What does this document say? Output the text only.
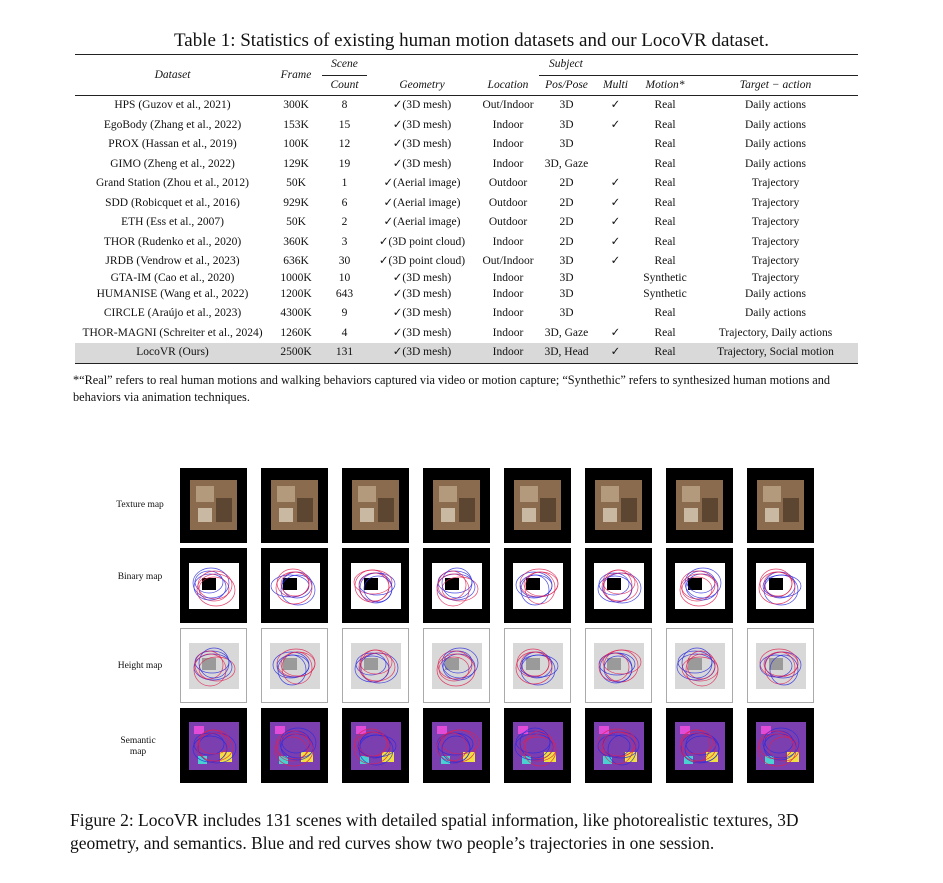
Table 1: Statistics of existing human motion datasets and our LocoVR dataset.
Dataset	Frame	Scene			Subject			
		Count	Geometry	Location	Pos/Pose	Multi	Motion*	Target − action
HPS (Guzov et al., 2021)	300K	8	✓(3D mesh)	Out/Indoor	3D	✓	Real	Daily actions
EgoBody (Zhang et al., 2022)	153K	15	✓(3D mesh)	Indoor	3D	✓	Real	Daily actions
PROX (Hassan et al., 2019)	100K	12	✓(3D mesh)	Indoor	3D		Real	Daily actions
GIMO (Zheng et al., 2022)	129K	19	✓(3D mesh)	Indoor	3D, Gaze		Real	Daily actions
Grand Station (Zhou et al., 2012)	50K	1	✓(Aerial image)	Outdoor	2D	✓	Real	Trajectory
SDD (Robicquet et al., 2016)	929K	6	✓(Aerial image)	Outdoor	2D	✓	Real	Trajectory
ETH (Ess et al., 2007)	50K	2	✓(Aerial image)	Outdoor	2D	✓	Real	Trajectory
THOR (Rudenko et al., 2020)	360K	3	✓(3D point cloud)	Indoor	2D	✓	Real	Trajectory
JRDB (Vendrow et al., 2023)	636K	30	✓(3D point cloud)	Out/Indoor	3D	✓	Real	Trajectory
GTA-IM (Cao et al., 2020)	1000K	10	✓(3D mesh)	Indoor	3D		Synthetic	Trajectory
HUMANISE (Wang et al., 2022)	1200K	643	✓(3D mesh)	Indoor	3D		Synthetic	Daily actions
CIRCLE (Araújo et al., 2023)	4300K	9	✓(3D mesh)	Indoor	3D		Real	Daily actions
THOR-MAGNI (Schreiter et al., 2024)	1260K	4	✓(3D mesh)	Indoor	3D, Gaze	✓	Real	Trajectory, Daily actions
LocoVR (Ours)	2500K	131	✓(3D mesh)	Indoor	3D, Head	✓	Real	Trajectory, Social motion
*“Real” refers to real human motions and walking behaviors captured via video or motion capture; “Synthethic” refers to synthesized human motions and behaviors via animation techniques.
Texture map
Binary map
Height map
Semantic map
Figure 2: LocoVR includes 131 scenes with detailed spatial information, like photorealistic textures, 3D geometry, and semantics. Blue and red curves show two people’s trajectories in one session.
